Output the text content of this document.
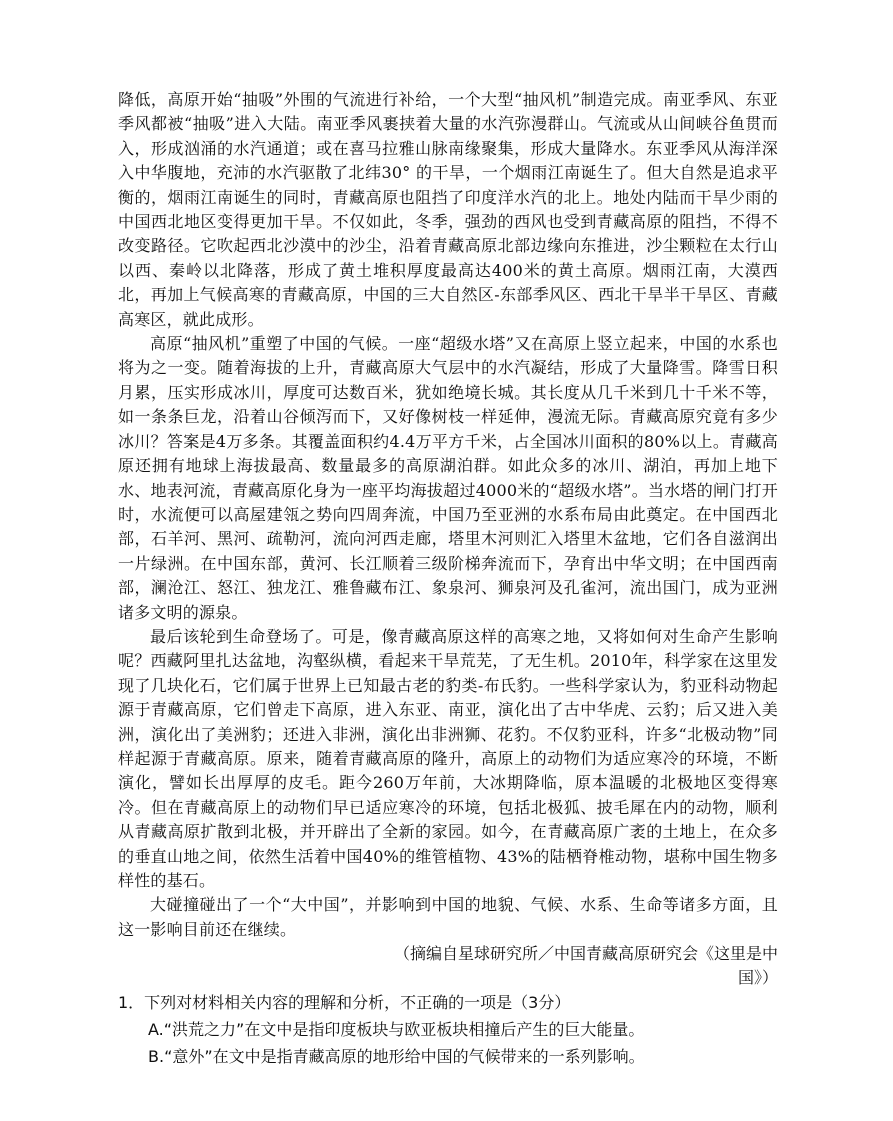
降低，高原开始“抽吸”外围的气流进行补给，一个大型“抽风机”制造完成。南亚季风、东亚季风都被“抽吸”进入大陆。南亚季风裹挟着大量的水汽弥漫群山。气流或从山间峡谷鱼贯而入，形成汹涌的水汽通道；或在喜马拉雅山脉南缘聚集，形成大量降水。东亚季风从海洋深入中华腹地，充沛的水汽驱散了北纬30° 的干旱，一个烟雨江南诞生了。但大自然是追求平衡的，烟雨江南诞生的同时，青藏高原也阻挡了印度洋水汽的北上。地处内陆而干旱少雨的中国西北地区变得更加干旱。不仅如此，冬季，强劲的西风也受到青藏高原的阻挡，不得不改变路径。它吹起西北沙漠中的沙尘，沿着青藏高原北部边缘向东推进，沙尘颗粒在太行山以西、秦岭以北降落，形成了黄土堆积厚度最高达400米的黄土高原。烟雨江南，大漠西北，再加上气候高寒的青藏高原，中国的三大自然区-东部季风区、西北干旱半干旱区、青藏高寒区，就此成形。

高原“抽风机”重塑了中国的气候。一座“超级水塔”又在高原上竖立起来，中国的水系也将为之一变。随着海拔的上升，青藏高原大气层中的水汽凝结，形成了大量降雪。降雪日积月累，压实形成冰川，厚度可达数百米，犹如绝境长城。其长度从几千米到几十千米不等，如一条条巨龙，沿着山谷倾泻而下，又好像树枝一样延伸，漫流无际。青藏高原究竟有多少冰川？答案是4万多条。其覆盖面积约4.4万平方千米，占全国冰川面积的80%以上。青藏高原还拥有地球上海拔最高、数量最多的高原湖泊群。如此众多的冰川、湖泊，再加上地下水、地表河流，青藏高原化身为一座平均海拔超过4000米的“超级水塔”。当水塔的闸门打开时，水流便可以高屋建瓴之势向四周奔流，中国乃至亚洲的水系布局由此奠定。在中国西北部，石羊河、黑河、疏勒河，流向河西走廊，塔里木河则汇入塔里木盆地，它们各自滋润出一片绿洲。在中国东部，黄河、长江顺着三级阶梯奔流而下，孕育出中华文明；在中国西南部，澜沧江、怒江、独龙江、雅鲁藏布江、象泉河、狮泉河及孔雀河，流出国门，成为亚洲诸多文明的源泉。

最后该轮到生命登场了。可是，像青藏高原这样的高寒之地，又将如何对生命产生影响呢？西藏阿里扎达盆地，沟壑纵横，看起来干旱荒芜，了无生机。2010年，科学家在这里发现了几块化石，它们属于世界上已知最古老的豹类-布氏豹。一些科学家认为，豹亚科动物起源于青藏高原，它们曾走下高原，进入东亚、南亚，演化出了古中华虎、云豹；后又进入美洲，演化出了美洲豹；还进入非洲，演化出非洲狮、花豹。不仅豹亚科，许多“北极动物”同样起源于青藏高原。原来，随着青藏高原的隆升，高原上的动物们为适应寒冷的环境，不断演化，譬如长出厚厚的皮毛。距今260万年前，大冰期降临，原本温暖的北极地区变得寒冷。但在青藏高原上的动物们早已适应寒冷的环境，包括北极狐、披毛犀在内的动物，顺利从青藏高原扩散到北极，并开辟出了全新的家园。如今，在青藏高原广袤的土地上，在众多的垂直山地之间，依然生活着中国40%的维管植物、43%的陆栖脊椎动物，堪称中国生物多样性的基石。

大碰撞碰出了一个“大中国”，并影响到中国的地貌、气候、水系、生命等诸多方面，且这一影响目前还在继续。

（摘编自星球研究所／中国青藏高原研究会《这里是中国》）

1．下列对材料相关内容的理解和分析，不正确的一项是（3分）

A.“洪荒之力”在文中是指印度板块与欧亚板块相撞后产生的巨大能量。

B.“意外”在文中是指青藏高原的地形给中国的气候带来的一系列影响。
